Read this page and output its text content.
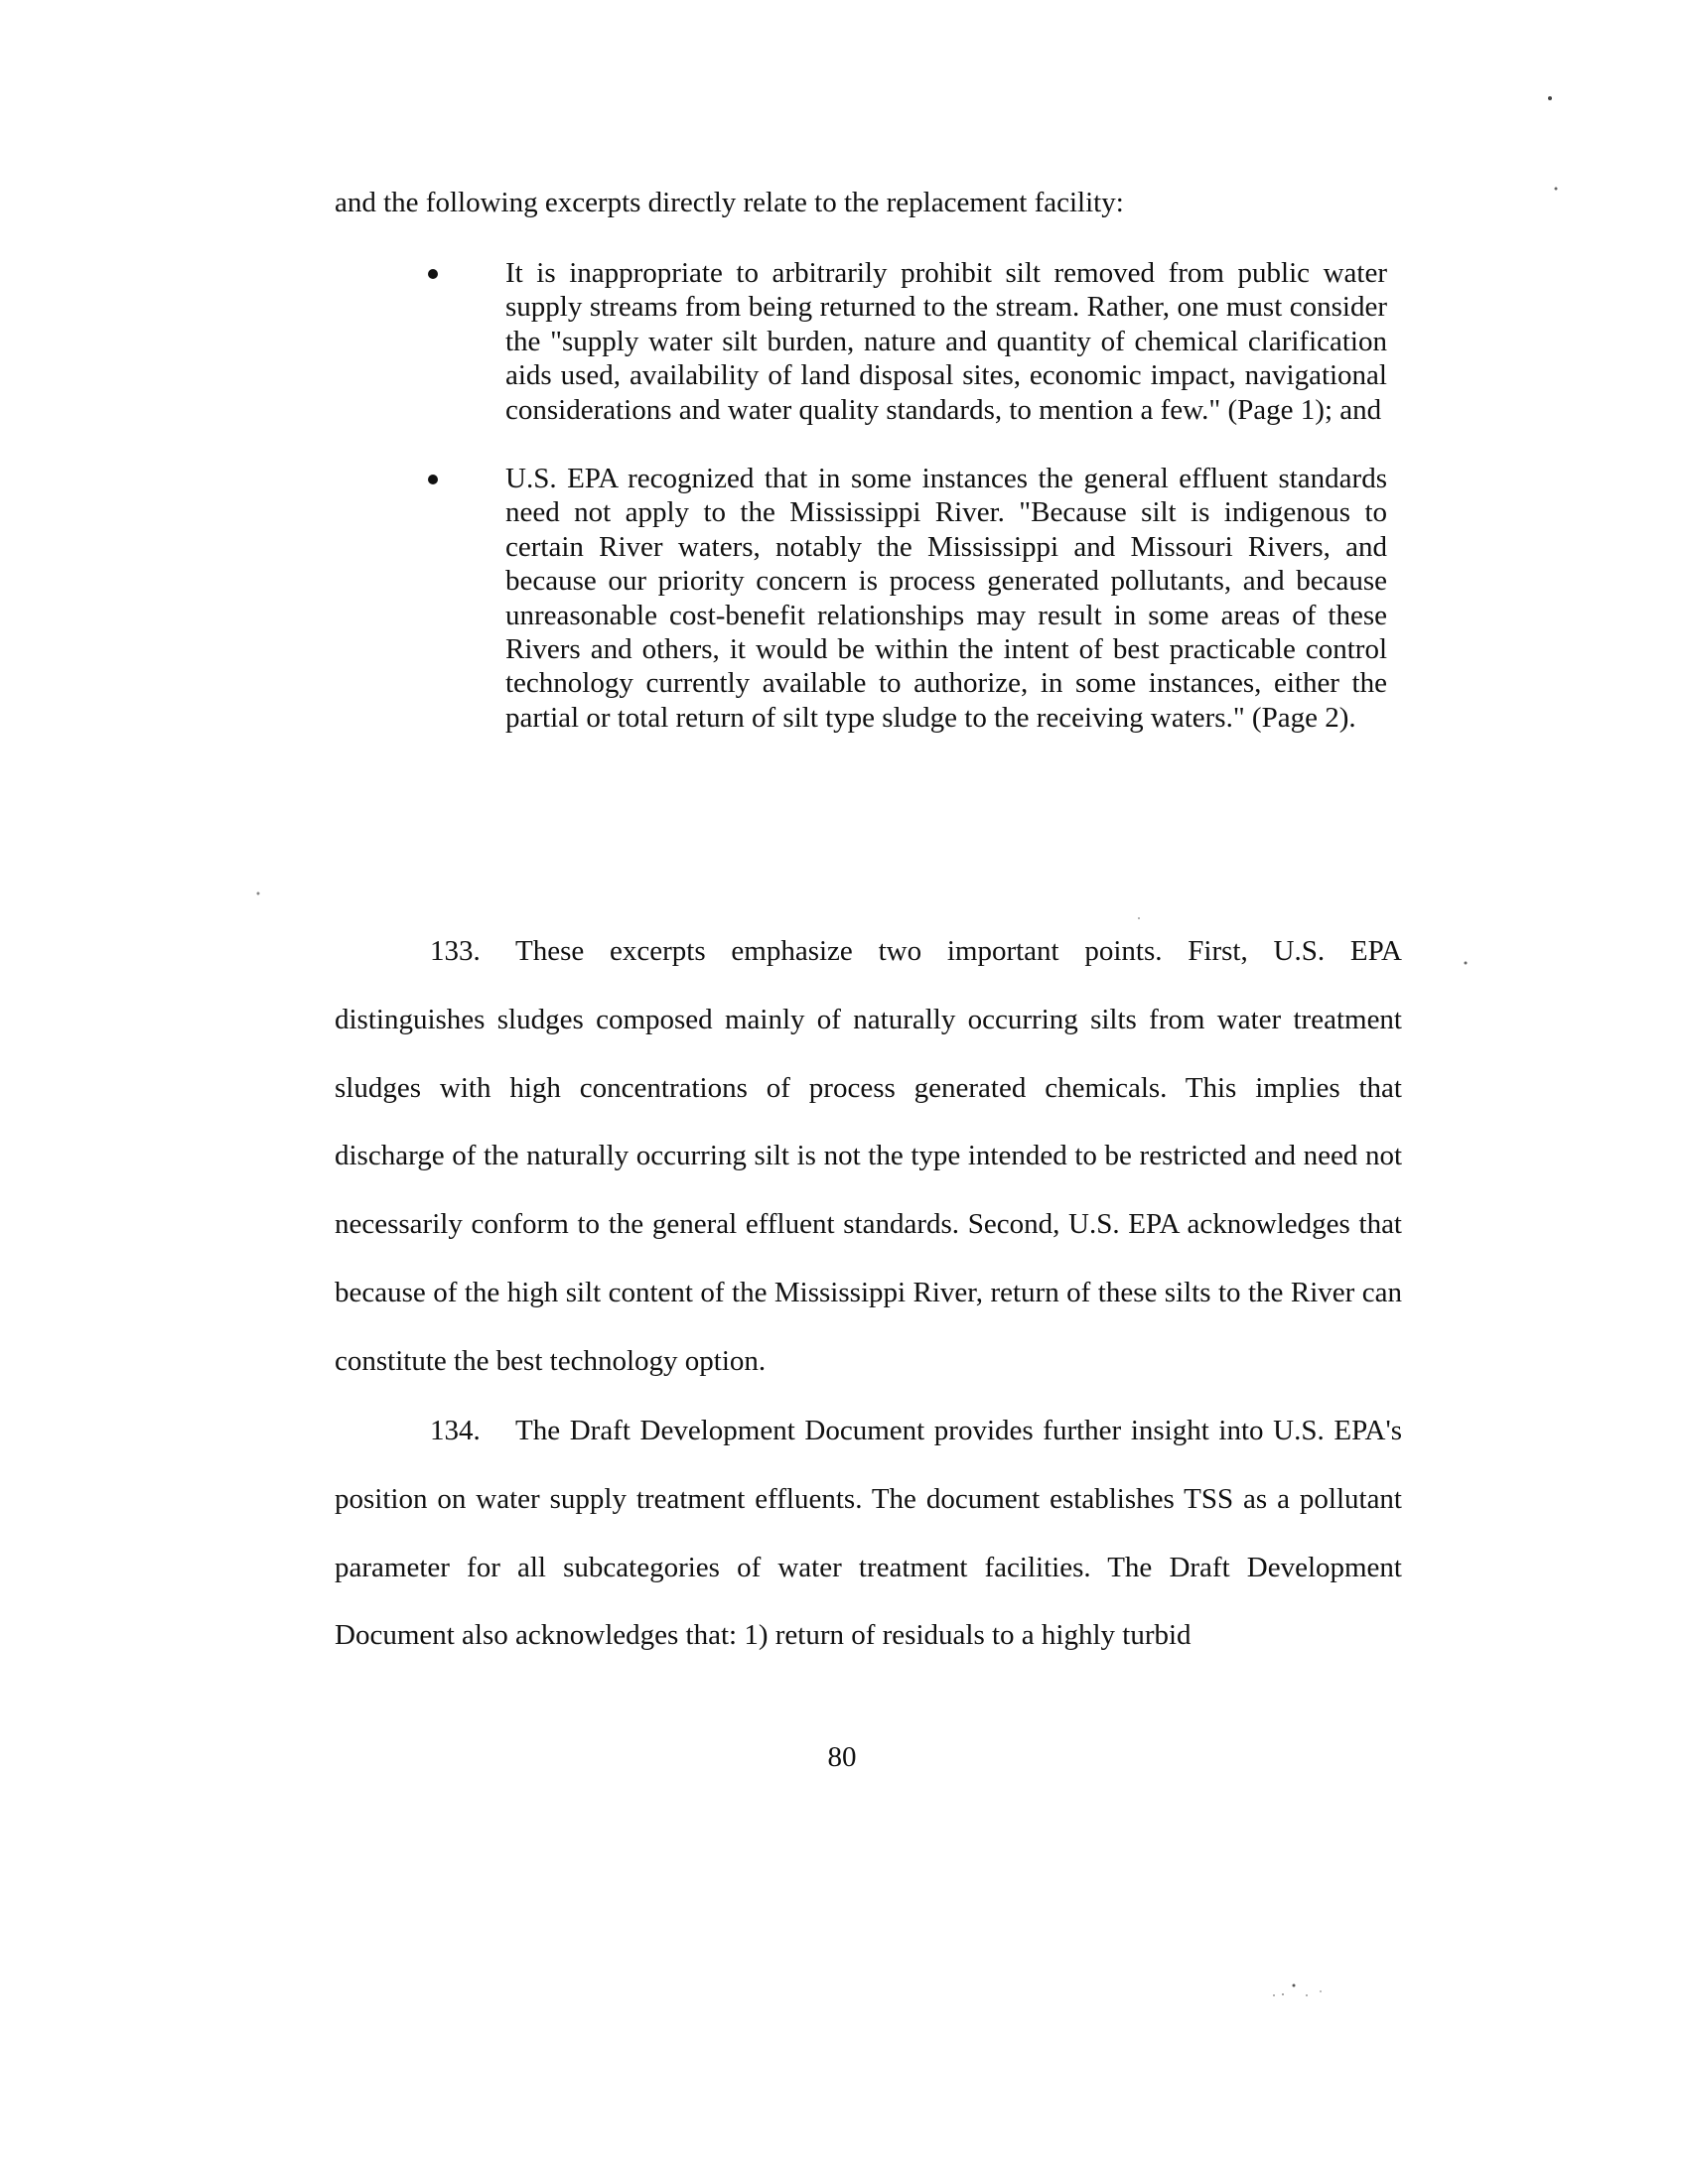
and the following excerpts directly relate to the replacement facility:

It is inappropriate to arbitrarily prohibit silt removed from public water supply streams from being returned to the stream. Rather, one must consider the "supply water silt burden, nature and quantity of chemical clarification aids used, availability of land disposal sites, economic impact, navigational considerations and water quality standards, to mention a few." (Page 1); and
U.S. EPA recognized that in some instances the general effluent standards need not apply to the Mississippi River. "Because silt is indigenous to certain River waters, notably the Mississippi and Missouri Rivers, and because our priority concern is process generated pollutants, and because unreasonable cost-benefit relationships may result in some areas of these Rivers and others, it would be within the intent of best practicable control technology currently available to authorize, in some instances, either the partial or total return of silt type sludge to the receiving waters." (Page 2).

133. These excerpts emphasize two important points. First, U.S. EPA distinguishes sludges composed mainly of naturally occurring silts from water treatment sludges with high concentrations of process generated chemicals. This implies that discharge of the naturally occurring silt is not the type intended to be restricted and need not necessarily conform to the general effluent standards. Second, U.S. EPA acknowledges that because of the high silt content of the Mississippi River, return of these silts to the River can constitute the best technology option.

134. The Draft Development Document provides further insight into U.S. EPA's position on water supply treatment effluents. The document establishes TSS as a pollutant parameter for all subcategories of water treatment facilities. The Draft Development Document also acknowledges that: 1) return of residuals to a highly turbid

80
